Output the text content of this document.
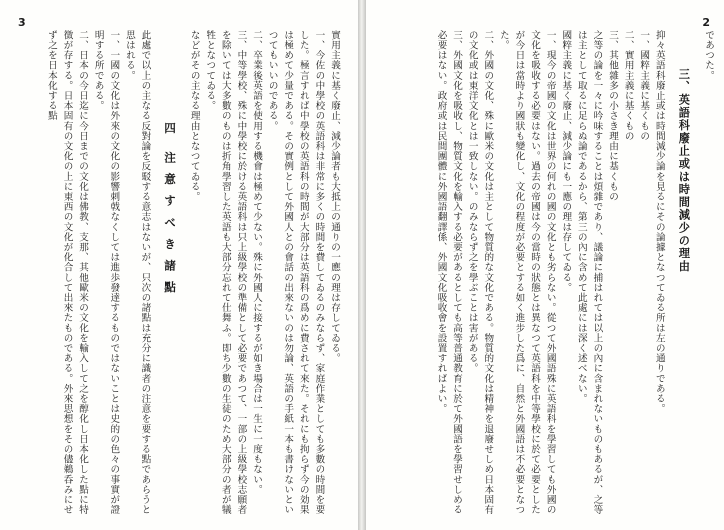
3

實用主義に基く廢止、減少論者も大抵上の通りの一應の理は存してゐる。

一、今佐の中學校の英語科は非常に多くの時間を費してゐるのみならず、家庭作業としても多數の時間を要した。極言すれば中學校の英語科の時間が大部分は英語科の爲めに費されて來た。それにも拘らず今の効果は極めて少量である。その實例として外國人との會話の出來ないのは勿論、英語の手紙一本も書けないといつてもいいのである。

二、卒業後英語を使用する機會は極めて少ない。殊に外國人に接するが如き場合は一生に一度もない。

三、中等學校、殊に中學校に於ける英語科は只上級學校の準備として必要であつて、一部の上級學校志願者を除いては大多數のものは折角學習した英語も大部分忘れて仕舞ふ。即ち少數の生徒のため大部分の者が犠牲となつてゐる。

などがその主なる理由となつてゐる。

四　注 意 す べ き 諸 點

此處で以上の主なる反對論を反駁する意志はないが、只次の諸點は充分に識者の注意を要する點であらうと思はれる。

一、一國の文化は外來の文化の影響刺戟なくしては進歩發達するものではないことは史的の色々の事實が證明する所である。

二、日本の今日迄に今日までの文化は佛教、支那、其他歐米の文化を輸入して之を醇化し日本化した點に特徴が存する。日本固有の文化の上に東西の文化が化合して出來たものである。外來思想をその儘鵜呑みにせず之を日本化する點

2

であつた。

三、英語科廢止或は時間減少の理由

抑々英語科廢止或は時間減少論を見るにその論據となつてゐる所は左の通りである。

一、國粹主義に基くもの

二、實用主義に基くもの

三、其他雜多の小さき理由に基くもの

之等の論を一々に吟味することは煩雜であり、議論に捕はれては以上の內に含まれないものもあるが、之等は主として取るに足らぬ論であるから、第三の內に含めて此處には深く述べない。

國粹主義に基く廢止、減少論にも一應の理は存してゐる。

一、現今の帝國の文化は世界の何れの國の文化とも劣らない。從つて外國語殊に英語科を學習しても外國の文化を吸收する必要はない。過去の帝國は今の當時の狀態とは異なつて英語科を中等學校に於て必要としたが今日は當時より國狀も變化し、文化の程度が必要とする如く進步した爲に、自然と外國語は不必要となつた。

二、外國の文化、殊に歐米の文化は主として物質的な文化である。物質的文化は精神を退廢せしめ日本固有の文化或は東洋文化とは一致しない。のみならず之を學ぶことは害がある。

三、外國文化を吸收し、物質文化を輸入する必要があるとしても高等普通教育に於て外國語を學習せしめる必要はない。政府或は民間團體に外國語翻譯係、外國文化吸收會を設置すればよい。
